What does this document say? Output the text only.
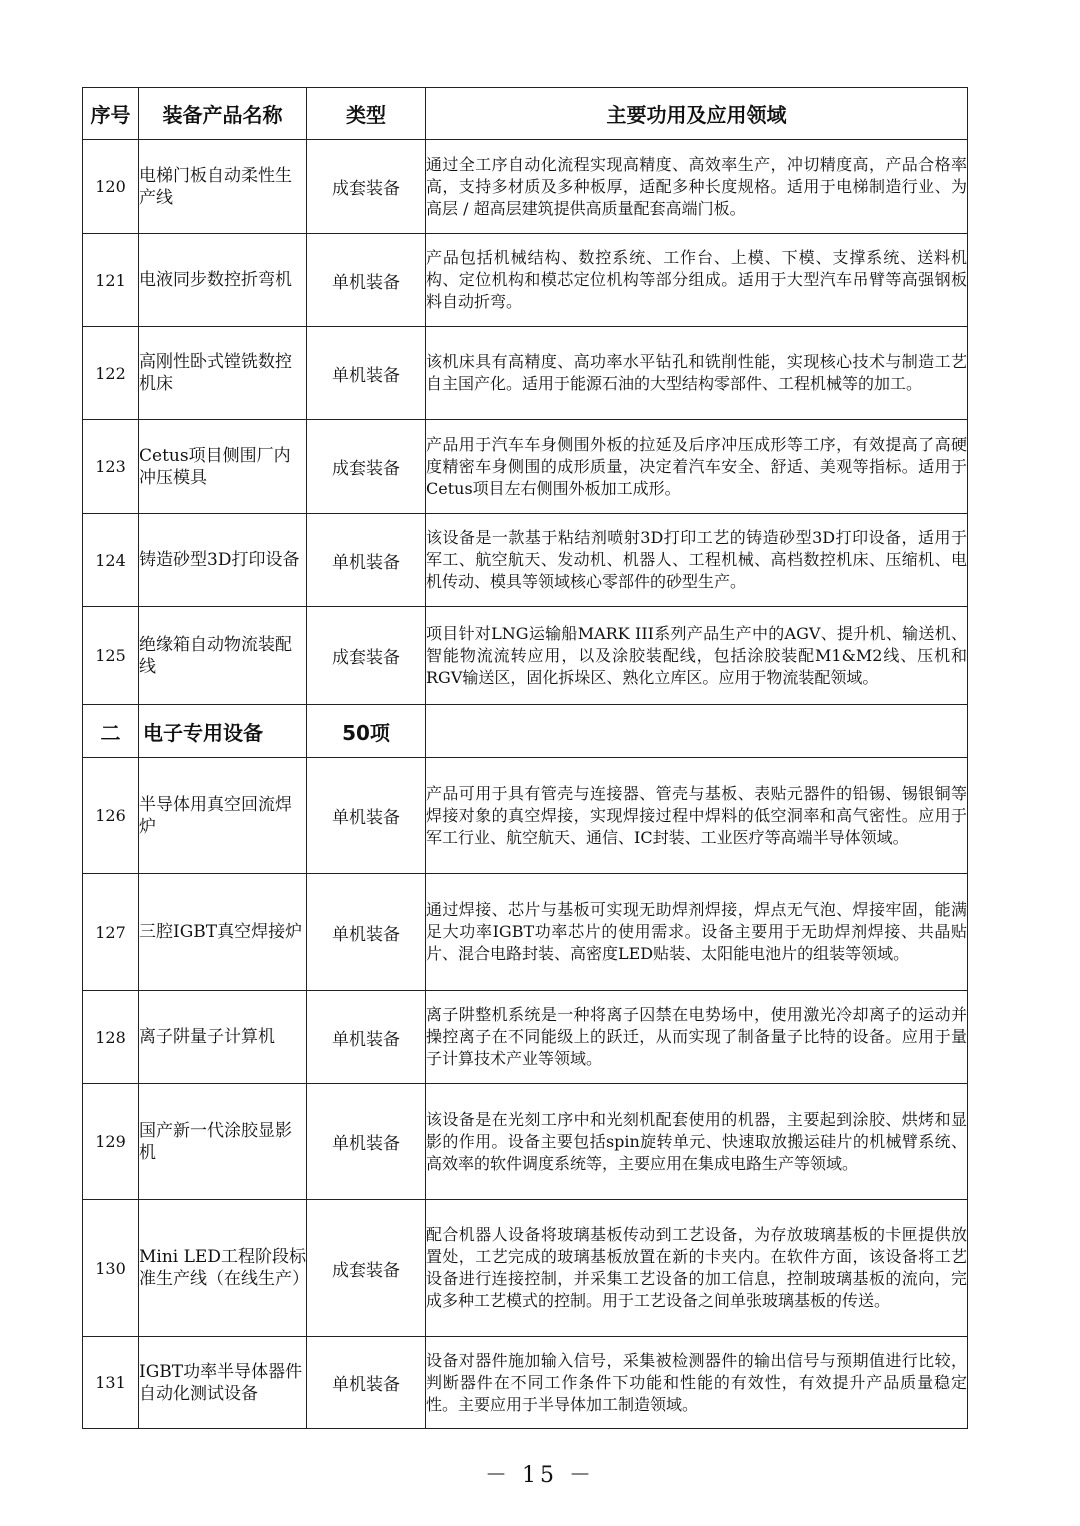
序号	装备产品名称	类型	主要功用及应用领域
120	电梯门板自动柔性生产线	成套装备	通过全工序自动化流程实现高精度、高效率生产，冲切精度高，产品合格率高，支持多材质及多种板厚，适配多种长度规格。适用于电梯制造行业、为高层 / 超高层建筑提供高质量配套高端门板。
121	电液同步数控折弯机	单机装备	产品包括机械结构、数控系统、工作台、上模、下模、支撑系统、送料机构、定位机构和模芯定位机构等部分组成。适用于大型汽车吊臂等高强钢板料自动折弯。
122	高刚性卧式镗铣数控机床	单机装备	该机床具有高精度、高功率水平钻孔和铣削性能，实现核心技术与制造工艺自主国产化。适用于能源石油的大型结构零部件、工程机械等的加工。
123	Cetus项目侧围厂内冲压模具	成套装备	产品用于汽车车身侧围外板的拉延及后序冲压成形等工序，有效提高了高硬度精密车身侧围的成形质量，决定着汽车安全、舒适、美观等指标。适用于Cetus项目左右侧围外板加工成形。
124	铸造砂型3D打印设备	单机装备	该设备是一款基于粘结剂喷射3D打印工艺的铸造砂型3D打印设备，适用于军工、航空航天、发动机、机器人、工程机械、高档数控机床、压缩机、电机传动、模具等领域核心零部件的砂型生产。
125	绝缘箱自动物流装配线	成套装备	项目针对LNG运输船MARK III系列产品生产中的AGV、提升机、输送机、智能物流流转应用，以及涂胶装配线，包括涂胶装配M1&M2线、压机和RGV输送区，固化拆垛区、熟化立库区。应用于物流装配领域。
二	电子专用设备	50项	
126	半导体用真空回流焊炉	单机装备	产品可用于具有管壳与连接器、管壳与基板、表贴元器件的铅锡、锡银铜等焊接对象的真空焊接，实现焊接过程中焊料的低空洞率和高气密性。应用于军工行业、航空航天、通信、IC封装、工业医疗等高端半导体领域。
127	三腔IGBT真空焊接炉	单机装备	通过焊接、芯片与基板可实现无助焊剂焊接，焊点无气泡、焊接牢固，能满足大功率IGBT功率芯片的使用需求。设备主要用于无助焊剂焊接、共晶贴片、混合电路封装、高密度LED贴装、太阳能电池片的组装等领域。
128	离子阱量子计算机	单机装备	离子阱整机系统是一种将离子囚禁在电势场中，使用激光冷却离子的运动并操控离子在不同能级上的跃迁，从而实现了制备量子比特的设备。应用于量子计算技术产业等领域。
129	国产新一代涂胶显影机	单机装备	该设备是在光刻工序中和光刻机配套使用的机器，主要起到涂胶、烘烤和显影的作用。设备主要包括spin旋转单元、快速取放搬运硅片的机械臂系统、高效率的软件调度系统等，主要应用在集成电路生产等领域。
130	Mini LED工程阶段标准生产线（在线生产）	成套装备	配合机器人设备将玻璃基板传动到工艺设备，为存放玻璃基板的卡匣提供放置处，工艺完成的玻璃基板放置在新的卡夹内。在软件方面，该设备将工艺设备进行连接控制，并采集工艺设备的加工信息，控制玻璃基板的流向，完成多种工艺模式的控制。用于工艺设备之间单张玻璃基板的传送。
131	IGBT功率半导体器件自动化测试设备	单机装备	设备对器件施加输入信号，采集被检测器件的输出信号与预期值进行比较，判断器件在不同工作条件下功能和性能的有效性，有效提升产品质量稳定性。主要应用于半导体加工制造领域。
－ 15 －
